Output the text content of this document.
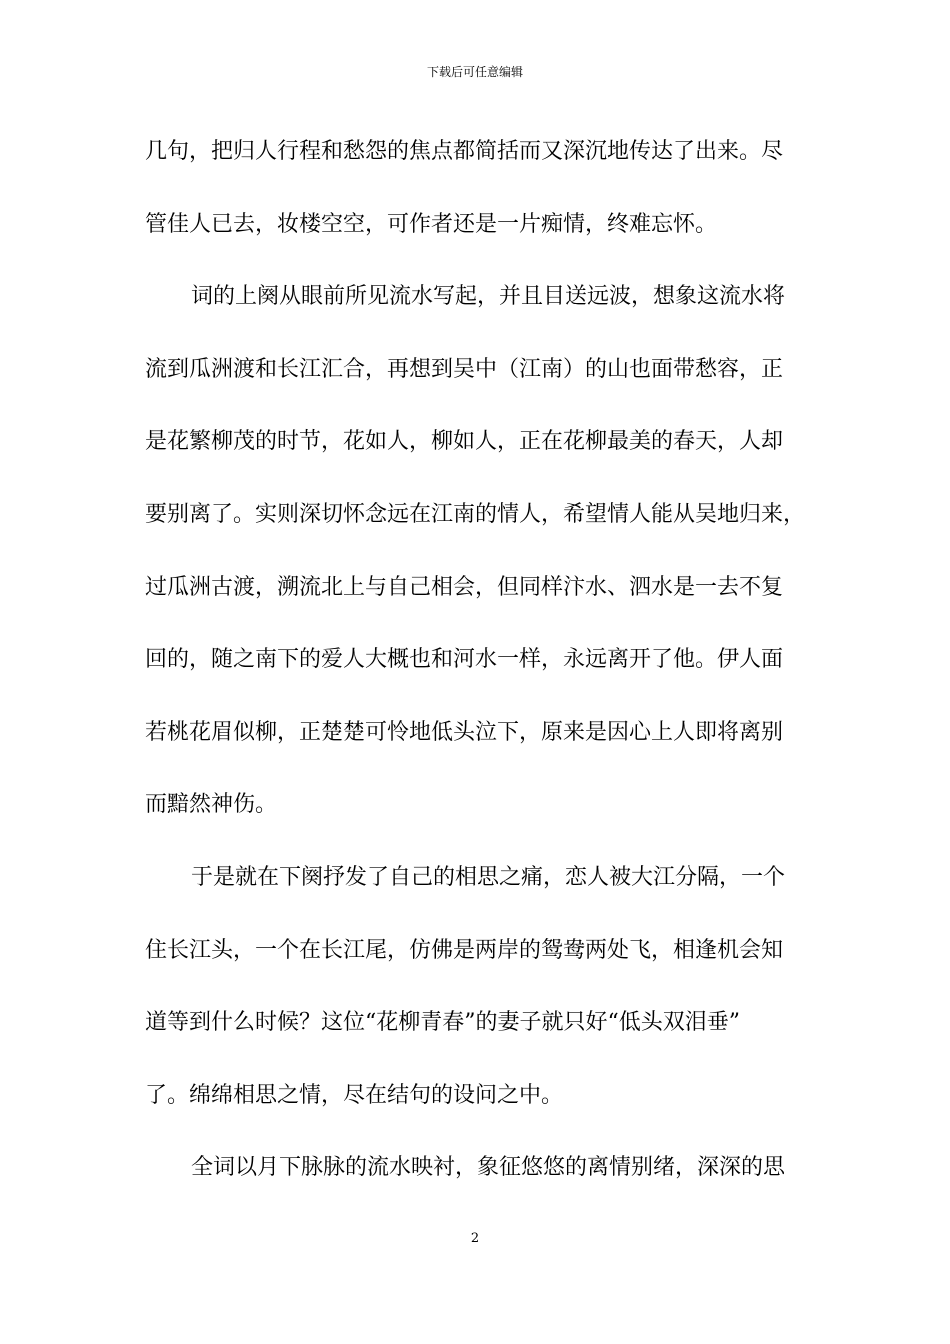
下载后可任意编辑
几句，把归人行程和愁怨的焦点都简括而又深沉地传达了出来。尽
管佳人已去，妆楼空空，可作者还是一片痴情，终难忘怀。
词的上阕从眼前所见流水写起，并且目送远波，想象这流水将
流到瓜洲渡和长江汇合，再想到吴中（江南）的山也面带愁容，正
是花繁柳茂的时节，花如人，柳如人，正在花柳最美的春天，人却
要别离了。实则深切怀念远在江南的情人，希望情人能从吴地归来，
过瓜洲古渡，溯流北上与自己相会，但同样汴水、泗水是一去不复
回的，随之南下的爱人大概也和河水一样，永远离开了他。伊人面
若桃花眉似柳，正楚楚可怜地低头泣下，原来是因心上人即将离别
而黯然神伤。
于是就在下阕抒发了自己的相思之痛，恋人被大江分隔，一个
住长江头，一个在长江尾，仿佛是两岸的鸳鸯两处飞，相逢机会知
道等到什么时候？这位“花柳青春”的妻子就只好“低头双泪垂”
了。绵绵相思之情，尽在结句的设问之中。
全词以月下脉脉的流水映衬，象征悠悠的离情别绪，深深的思
2
